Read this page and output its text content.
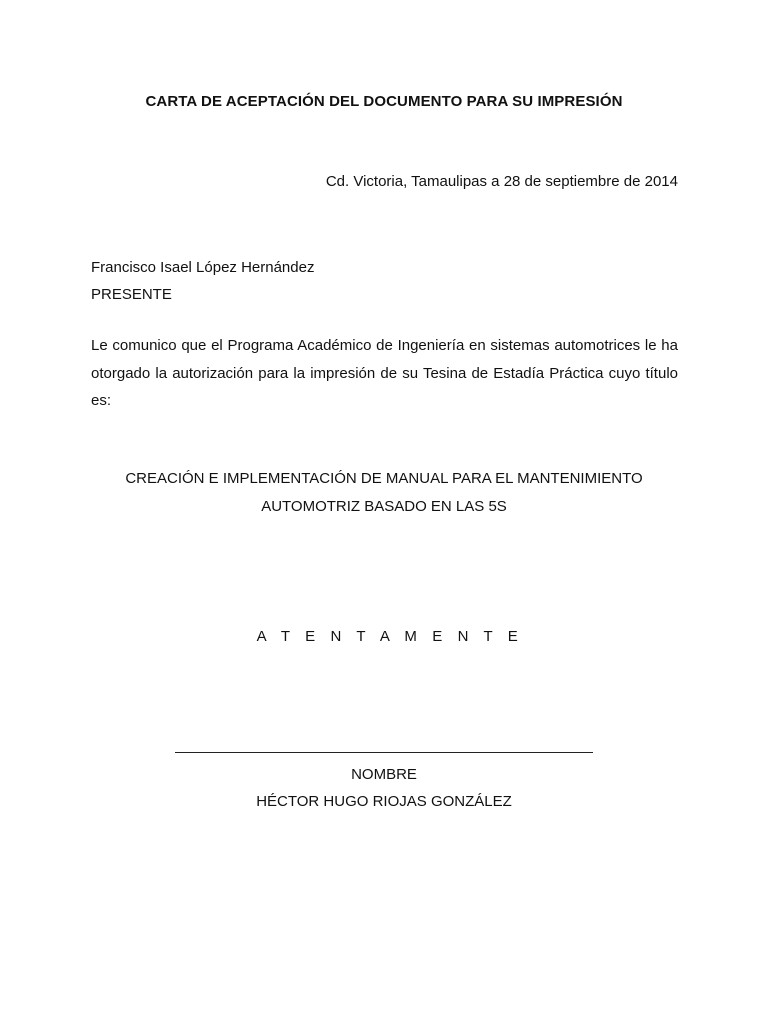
CARTA DE ACEPTACIÓN DEL DOCUMENTO PARA SU IMPRESIÓN
Cd. Victoria, Tamaulipas a 28 de septiembre de 2014
Francisco Isael López Hernández
PRESENTE
Le comunico que el Programa Académico de Ingeniería en sistemas automotrices le ha otorgado la autorización para la impresión de su Tesina de Estadía Práctica cuyo título es:
CREACIÓN E IMPLEMENTACIÓN DE MANUAL PARA EL MANTENIMIENTO
AUTOMOTRIZ BASADO EN LAS 5S
A T E N T A M E N T E
NOMBRE
HÉCTOR HUGO RIOJAS GONZÁLEZ
